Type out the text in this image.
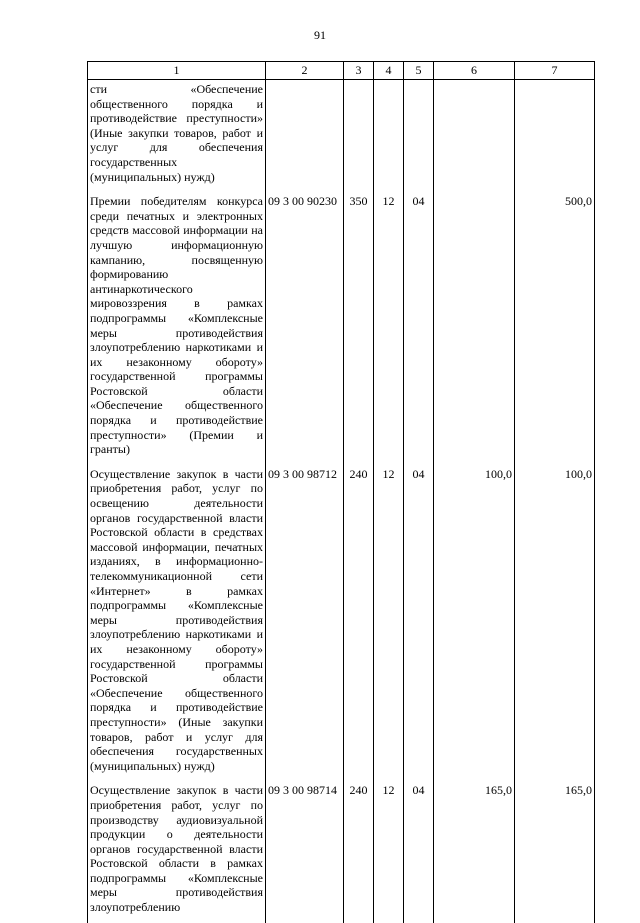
91
1	2	3	4	5	6	7
сти «Обеспечение общественного порядка и противодействие преступности» (Иные закупки товаров, работ и услуг для обеспечения государственных (муниципальных) нужд)						
Премии победителям конкурса среди печатных и электронных средств массовой информации на лучшую информационную кампанию, посвященную формированию антинаркотического мировоззрения в рамках подпрограммы «Комплексные меры противодействия злоупотреблению наркотиками и их незаконному обороту» государственной программы Ростовской области «Обеспечение общественного порядка и противодействие преступности» (Премии и гранты)	09 3 00 90230	350	12	04		500,0
Осуществление закупок в части приобретения работ, услуг по освещению деятельности органов государственной власти Ростовской области в средствах массовой информации, печатных изданиях, в информационно-телекоммуникационной сети «Интернет» в рамках подпрограммы «Комплексные меры противодействия злоупотреблению наркотиками и их незаконному обороту» государственной программы Ростовской области «Обеспечение общественного порядка и противодействие преступности» (Иные закупки товаров, работ и услуг для обеспечения государственных (муниципальных) нужд)	09 3 00 98712	240	12	04	100,0	100,0
Осуществление закупок в части приобретения работ, услуг по производству аудиовизуальной продукции о деятельности органов государственной власти Ростовской области в рамках подпрограммы «Комплексные меры противодействия злоупотреблению	09 3 00 98714	240	12	04	165,0	165,0
